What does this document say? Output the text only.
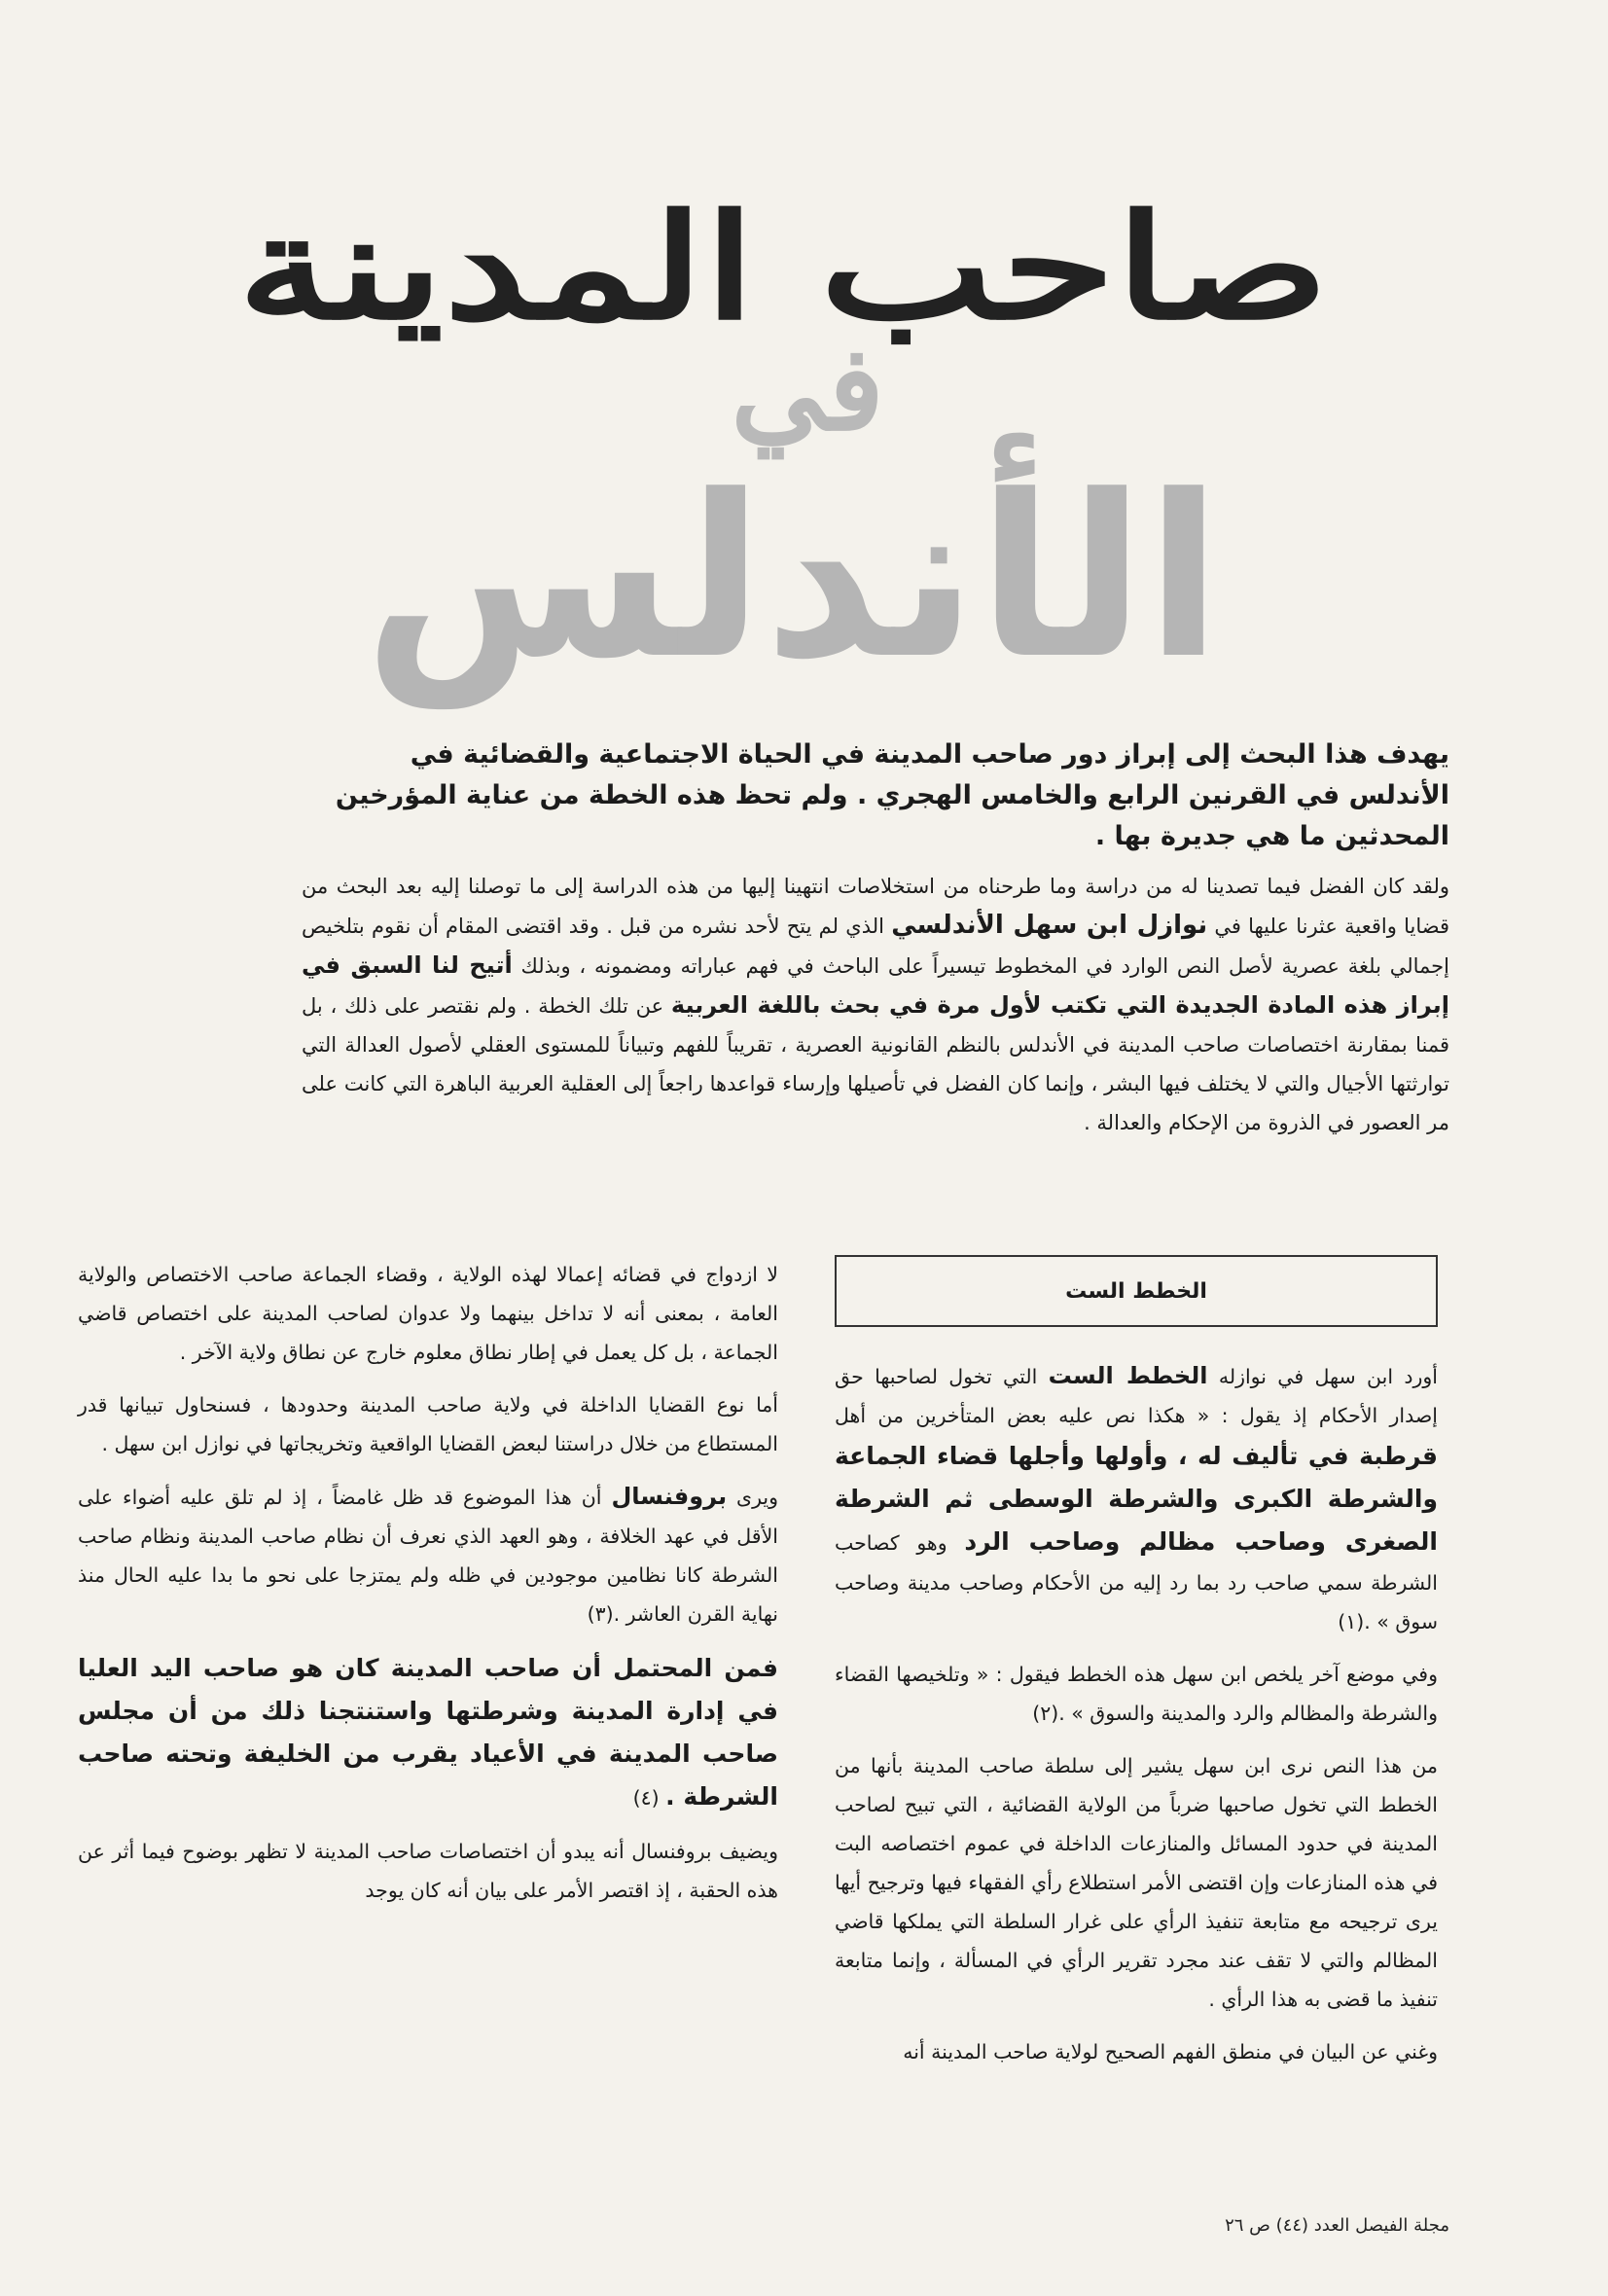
صاحب المدينة
في
الأندلس

يهدف هذا البحث إلى إبراز دور صاحب المدينة في الحياة الاجتماعية والقضائية في

الأندلس في القرنين الرابع والخامس الهجري . ولم تحظ هذه الخطة من عناية المؤرخين

المحدثين ما هي جديرة بها .

ولقد كان الفضل فيما تصدينا له من دراسة وما طرحناه من استخلاصات انتهينا إليها من هذه الدراسة إلى ما توصلنا إليه بعد البحث من قضايا واقعية عثرنا عليها في نوازل ابن سهل الأندلسي الذي لم يتح لأحد نشره من قبل . وقد اقتضى المقام أن نقوم بتلخيص إجمالي بلغة عصرية لأصل النص الوارد في المخطوط تيسيراً على الباحث في فهم عباراته ومضمونه ، وبذلك أتيح لنا السبق في إبراز هذه المادة الجديدة التي تكتب لأول مرة في بحث باللغة العربية عن تلك الخطة . ولم نقتصر على ذلك ، بل قمنا بمقارنة اختصاصات صاحب المدينة في الأندلس بالنظم القانونية العصرية ، تقريباً للفهم وتبياناً للمستوى العقلي لأصول العدالة التي توارثتها الأجيال والتي لا يختلف فيها البشر ، وإنما كان الفضل في تأصيلها وإرساء قواعدها راجعاً إلى العقلية العربية الباهرة التي كانت على مر العصور في الذروة من الإحكام والعدالة .

الخطط الست

أورد ابن سهل في نوازله الخطط الست التي تخول لصاحبها حق إصدار الأحكام إذ يقول : « هكذا نص عليه بعض المتأخرين من أهل قرطبة في تأليف له ، وأولها وأجلها قضاء الجماعة والشرطة الكبرى والشرطة الوسطى ثم الشرطة الصغرى وصاحب مظالم وصاحب الرد وهو كصاحب الشرطة سمي صاحب رد بما رد إليه من الأحكام وصاحب مدينة وصاحب سوق » .(١)

وفي موضع آخر يلخص ابن سهل هذه الخطط فيقول : « وتلخيصها القضاء والشرطة والمظالم والرد والمدينة والسوق » .(٢)

من هذا النص نرى ابن سهل يشير إلى سلطة صاحب المدينة بأنها من الخطط التي تخول صاحبها ضرباً من الولاية القضائية ، التي تبيح لصاحب المدينة في حدود المسائل والمنازعات الداخلة في عموم اختصاصه البت في هذه المنازعات وإن اقتضى الأمر استطلاع رأي الفقهاء فيها وترجيح أيها يرى ترجيحه مع متابعة تنفيذ الرأي على غرار السلطة التي يملكها قاضي المظالم والتي لا تقف عند مجرد تقرير الرأي في المسألة ، وإنما متابعة تنفيذ ما قضى به هذا الرأي .

وغني عن البيان في منطق الفهم الصحيح لولاية صاحب المدينة أنه

لا ازدواج في قضائه إعمالا لهذه الولاية ، وقضاء الجماعة صاحب الاختصاص والولاية العامة ، بمعنى أنه لا تداخل بينهما ولا عدوان لصاحب المدينة على اختصاص قاضي الجماعة ، بل كل يعمل في إطار نطاق معلوم خارج عن نطاق ولاية الآخر .

أما نوع القضايا الداخلة في ولاية صاحب المدينة وحدودها ، فسنحاول تبيانها قدر المستطاع من خلال دراستنا لبعض القضايا الواقعية وتخريجاتها في نوازل ابن سهل .

ويرى بروفنسال أن هذا الموضوع قد ظل غامضاً ، إذ لم تلق عليه أضواء على الأقل في عهد الخلافة ، وهو العهد الذي نعرف أن نظام صاحب المدينة ونظام صاحب الشرطة كانا نظامين موجودين في ظله ولم يمتزجا على نحو ما بدا عليه الحال منذ نهاية القرن العاشر .(٣)

فمن المحتمل أن صاحب المدينة كان هو صاحب اليد العليا في إدارة المدينة وشرطتها واستنتجنا ذلك من أن مجلس صاحب المدينة في الأعياد يقرب من الخليفة وتحته صاحب الشرطة . (٤)

ويضيف بروفنسال أنه يبدو أن اختصاصات صاحب المدينة لا تظهر بوضوح فيما أثر عن هذه الحقبة ، إذ اقتصر الأمر على بيان أنه كان يوجد

مجلة الفيصل العدد (٤٤) ص ٢٦
